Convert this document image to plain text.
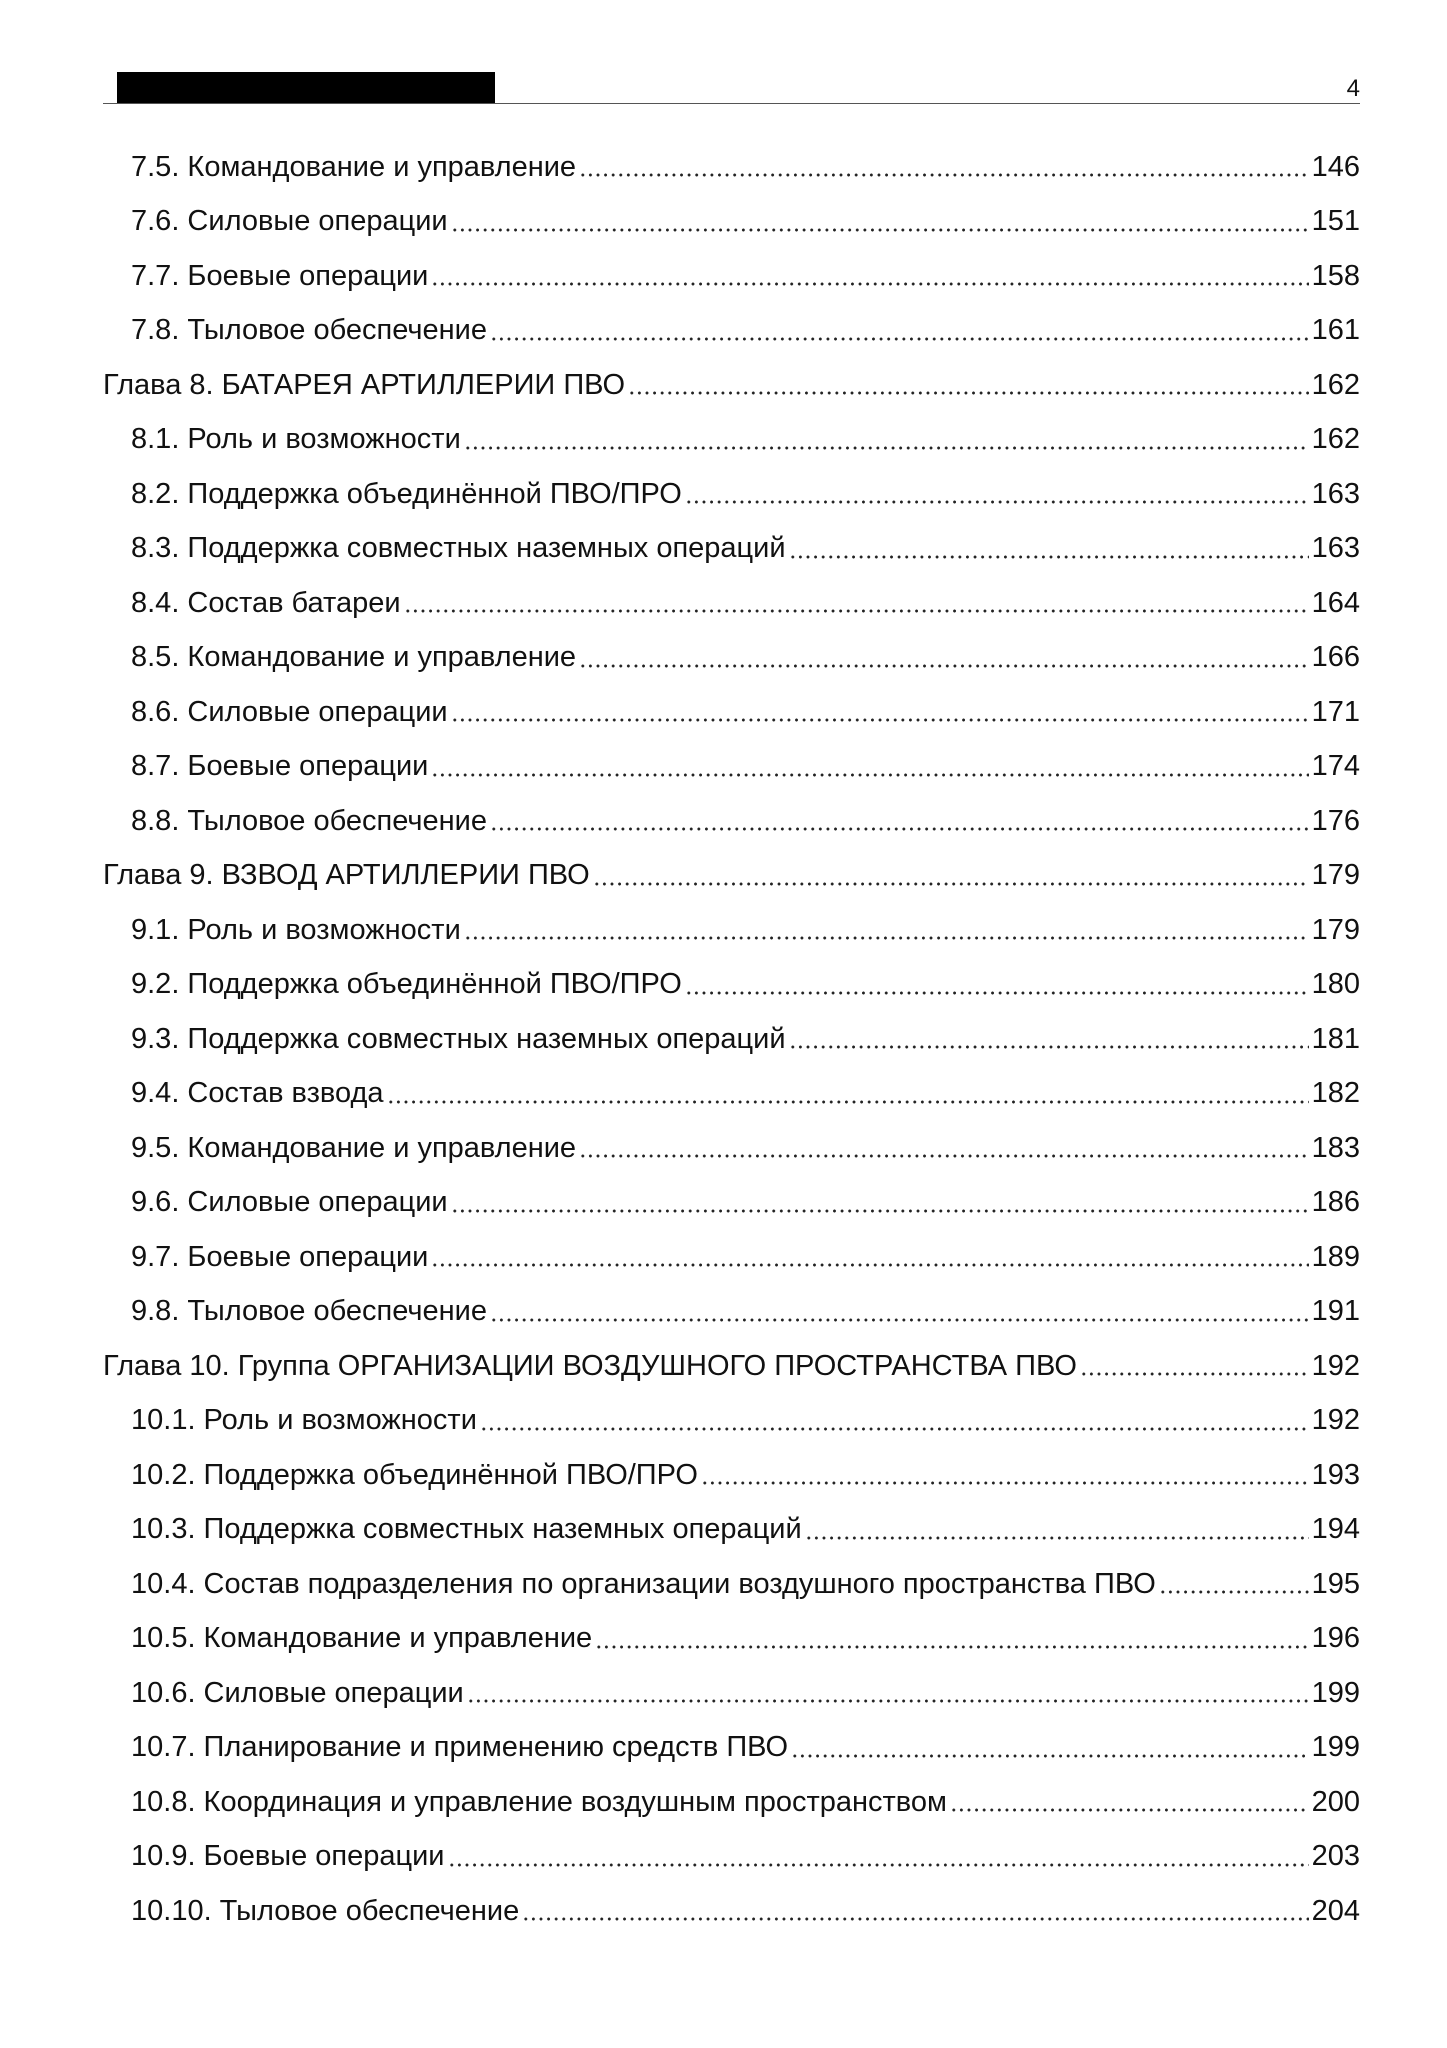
4
7.5. Командование и управление	146
7.6. Силовые операции	151
7.7. Боевые операции	158
7.8. Тыловое обеспечение	161
Глава 8. БАТАРЕЯ АРТИЛЛЕРИИ ПВО	162
8.1. Роль и возможности	162
8.2. Поддержка объединённой ПВО/ПРО	163
8.3. Поддержка совместных наземных операций	163
8.4. Состав батареи	164
8.5. Командование и управление	166
8.6. Силовые операции	171
8.7. Боевые операции	174
8.8. Тыловое обеспечение	176
Глава 9. ВЗВОД АРТИЛЛЕРИИ ПВО	179
9.1. Роль и возможности	179
9.2. Поддержка объединённой ПВО/ПРО	180
9.3. Поддержка совместных наземных операций	181
9.4. Состав взвода	182
9.5. Командование и управление	183
9.6. Силовые операции	186
9.7. Боевые операции	189
9.8. Тыловое обеспечение	191
Глава 10. Группа ОРГАНИЗАЦИИ ВОЗДУШНОГО ПРОСТРАНСТВА ПВО	192
10.1. Роль и возможности	192
10.2. Поддержка объединённой ПВО/ПРО	193
10.3. Поддержка совместных наземных операций	194
10.4. Состав подразделения по организации воздушного пространства ПВО	195
10.5. Командование и управление	196
10.6. Силовые операции	199
10.7. Планирование и применению средств ПВО	199
10.8. Координация и управление воздушным пространством	200
10.9. Боевые операции	203
10.10. Тыловое обеспечение	204
